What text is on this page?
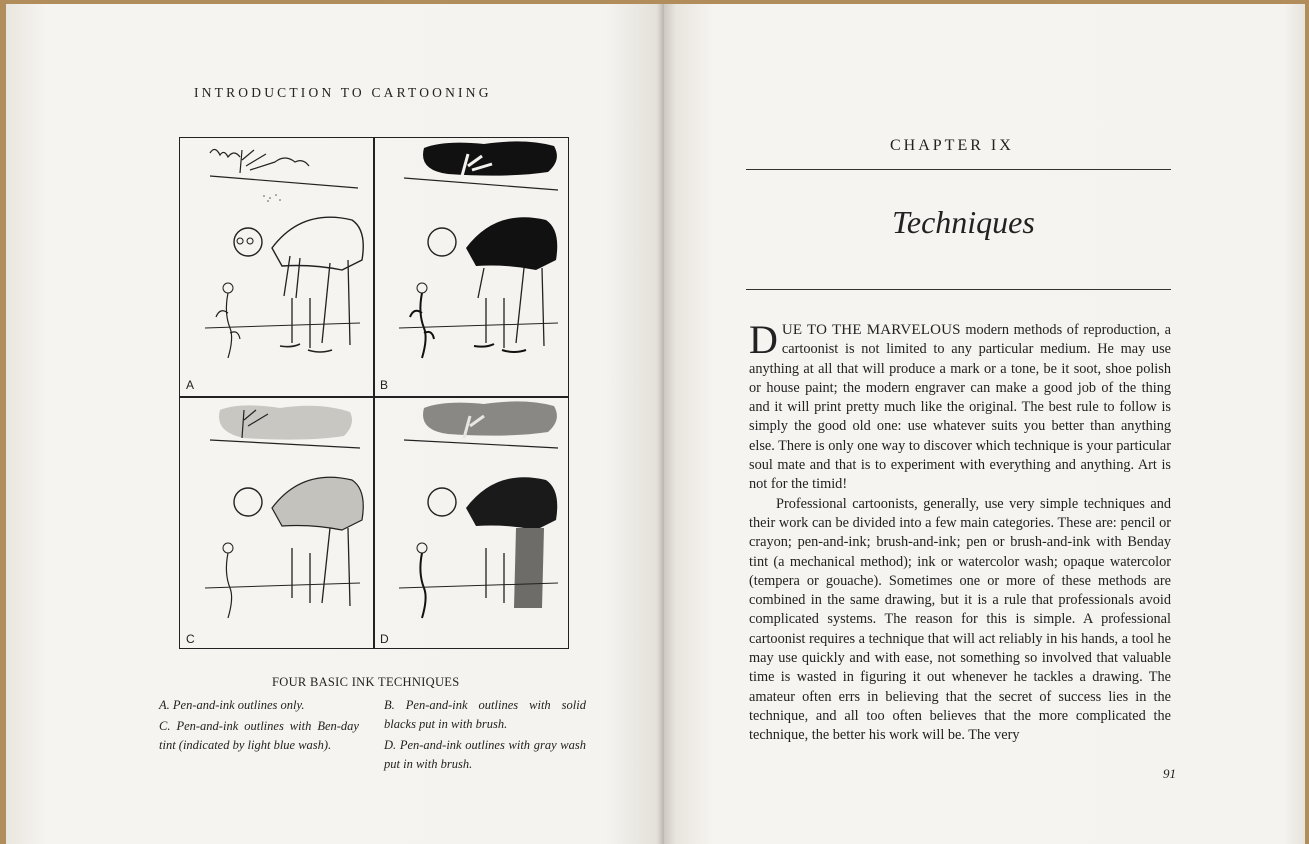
INTRODUCTION TO CARTOONING
A	B
C	D
FOUR BASIC INK TECHNIQUES
A. Pen-and-ink outlines only.	B. Pen-and-ink outlines with solid blacks put in with brush.
C. Pen-and-ink outlines with Ben-day tint (indicated by light blue wash).	D. Pen-and-ink outlines with gray wash put in with brush.
CHAPTER IX
Techniques

DUE TO THE MARVELOUS modern methods of reproduction, a cartoonist is not limited to any particular medium. He may use anything at all that will produce a mark or a tone, be it soot, shoe polish or house paint; the modern engraver can make a good job of the thing and it will print pretty much like the original. The best rule to follow is simply the good old one: use whatever suits you better than anything else. There is only one way to discover which technique is your particular soul mate and that is to experiment with everything and anything. Art is not for the timid!

Professional cartoonists, generally, use very simple techniques and their work can be divided into a few main categories. These are: pencil or crayon; pen-and-ink; brush-and-ink; pen or brush-and-ink with Benday tint (a mechanical method); ink or watercolor wash; opaque watercolor (tempera or gouache). Sometimes one or more of these methods are combined in the same drawing, but it is a rule that professionals avoid complicated systems. The reason for this is simple. A professional cartoonist requires a technique that will act reliably in his hands, a tool he may use quickly and with ease, not something so involved that valuable time is wasted in figuring it out whenever he tackles a drawing. The amateur often errs in believing that the secret of success lies in the technique, and all too often believes that the more complicated the technique, the better his work will be. The very

91
